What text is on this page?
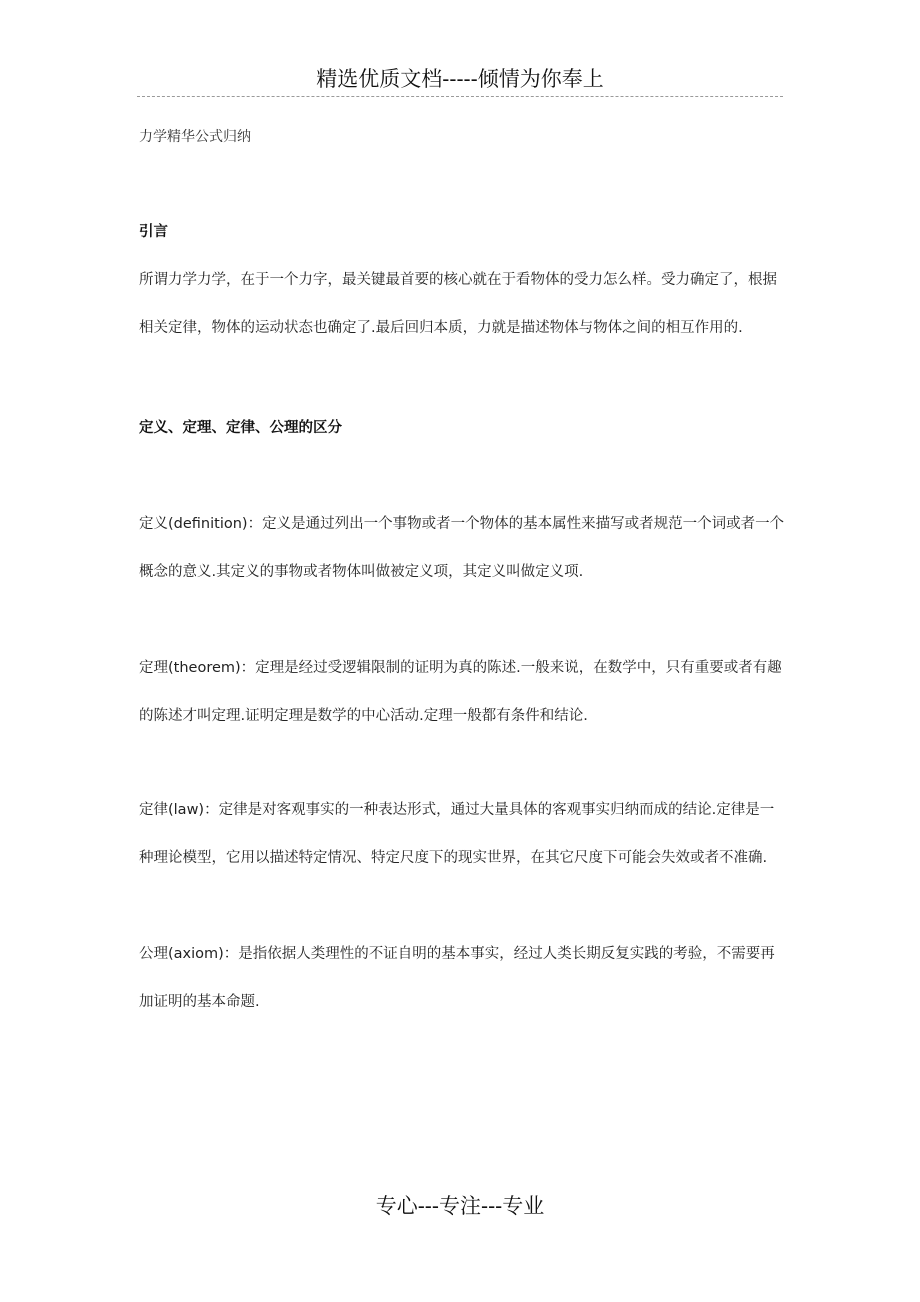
精选优质文档-----倾情为你奉上
力学精华公式归纳
引言

所谓力学力学，在于一个力字，最关键最首要的核心就在于看物体的受力怎么样。受力确定了，根据相关定律，物体的运动状态也确定了.最后回归本质，力就是描述物体与物体之间的相互作用的.

定义、定理、定律、公理的区分

定义(definition)：定义是通过列出一个事物或者一个物体的基本属性来描写或者规范一个词或者一个概念的意义.其定义的事物或者物体叫做被定义项，其定义叫做定义项.

定理(theorem)：定理是经过受逻辑限制的证明为真的陈述.一般来说，在数学中，只有重要或者有趣的陈述才叫定理.证明定理是数学的中心活动.定理一般都有条件和结论.

定律(law)：定律是对客观事实的一种表达形式，通过大量具体的客观事实归纳而成的结论.定律是一种理论模型，它用以描述特定情况、特定尺度下的现实世界，在其它尺度下可能会失效或者不准确.

公理(axiom)：是指依据人类理性的不证自明的基本事实，经过人类长期反复实践的考验，不需要再加证明的基本命题.

专心---专注---专业
